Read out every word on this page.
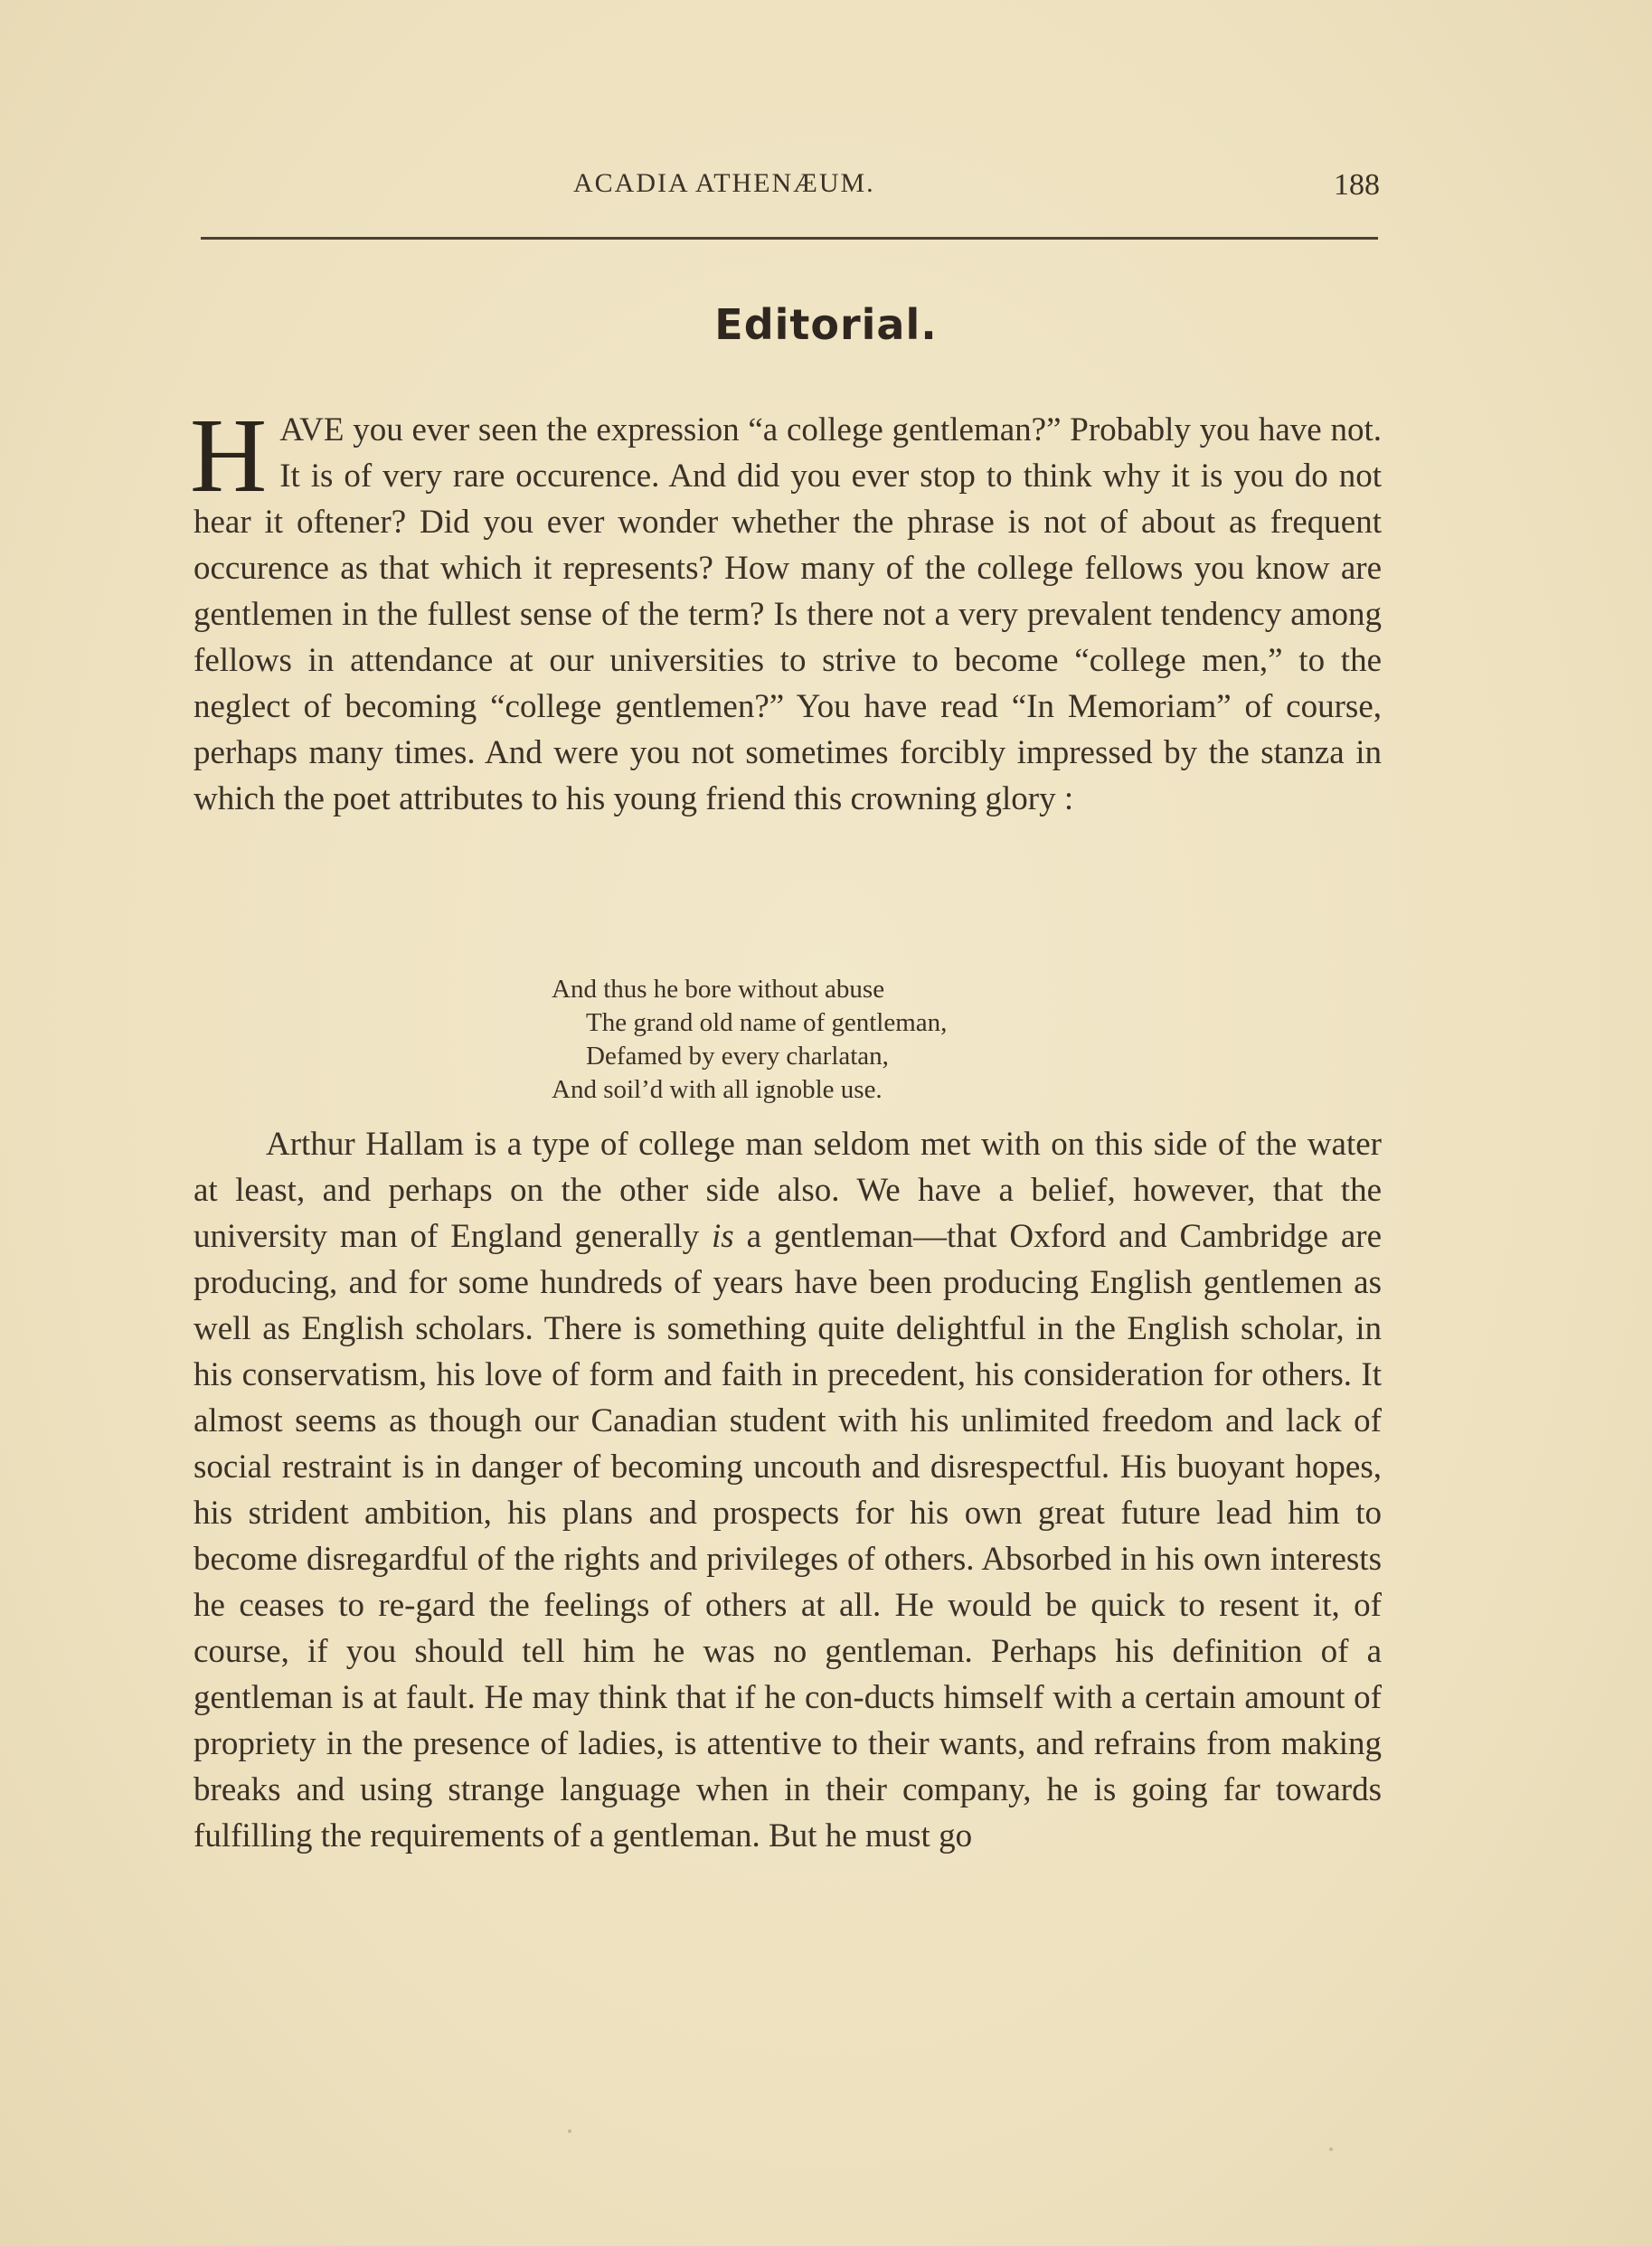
ACADIA ATHENÆUM.	188
Editorial.

HAVE you ever seen the expression “a college gentleman?” Probably you have not. It is of very rare occurence. And did you ever stop to think why it is you do not hear it oftener? Did you ever wonder whether the phrase is not of about as frequent occurence as that which it represents? How many of the college fellows you know are gentlemen in the fullest sense of the term? Is there not a very prevalent tendency among fellows in attendance at our universities to strive to become “college men,” to the neglect of becoming “college gentlemen?” You have read “In Memoriam” of course, perhaps many times. And were you not sometimes forcibly impressed by the stanza in which the poet attributes to his young friend this crowning glory :

And thus he bore without abuse
The grand old name of gentleman,
Defamed by every charlatan,
And soil’d with all ignoble use.

Arthur Hallam is a type of college man seldom met with on this side of the water at least, and perhaps on the other side also. We have a belief, however, that the university man of England generally is a gentleman—that Oxford and Cambridge are producing, and for some hundreds of years have been producing English gentlemen as well as English scholars. There is something quite delightful in the English scholar, in his conservatism, his love of form and faith in precedent, his consideration for others. It almost seems as though our Canadian student with his unlimited freedom and lack of social restraint is in danger of becoming uncouth and disrespectful. His buoyant hopes, his strident ambition, his plans and prospects for his own great future lead him to become disregardful of the rights and privileges of others. Absorbed in his own interests he ceases to re-gard the feelings of others at all. He would be quick to resent it, of course, if you should tell him he was no gentleman. Perhaps his definition of a gentleman is at fault. He may think that if he con-ducts himself with a certain amount of propriety in the presence of ladies, is attentive to their wants, and refrains from making breaks and using strange language when in their company, he is going far towards fulfilling the requirements of a gentleman. But he must go
